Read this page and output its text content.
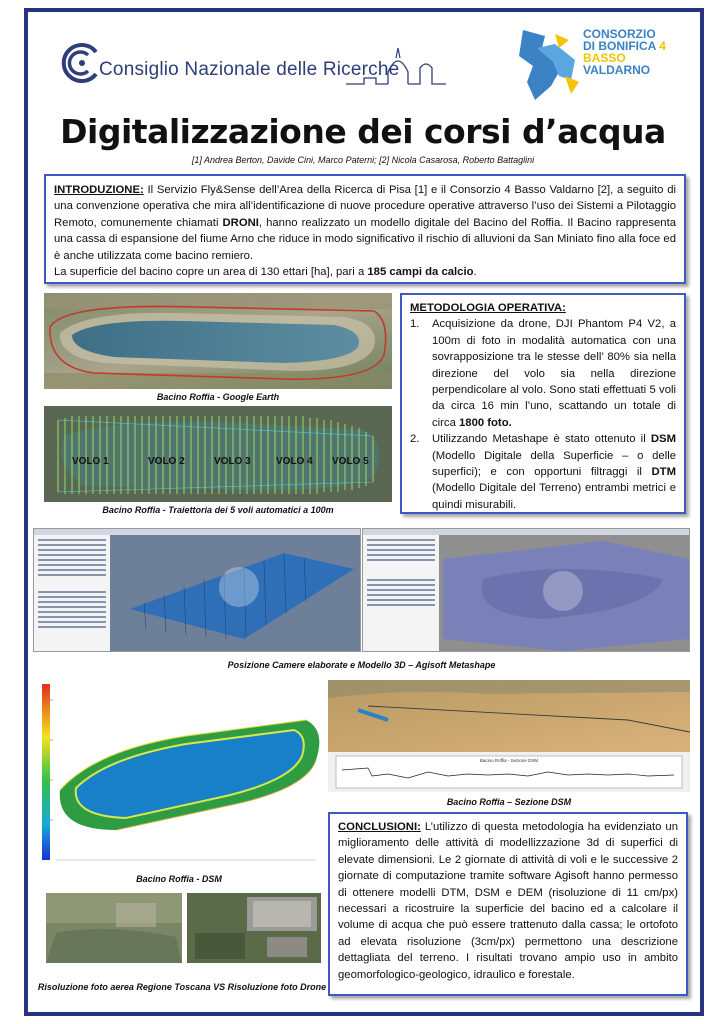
Consiglio Nazionale delle Ricerche
CONSORZIO
DI BONIFICA 4
BASSO
VALDARNO
Digitalizzazione dei corsi d’acqua
[1] Andrea Berton, Davide Cini, Marco Paterni; [2] Nicola Casarosa, Roberto Battaglini
INTRODUZIONE: Il Servizio Fly&Sense dell’Area della Ricerca di Pisa [1] e il Consorzio 4 Basso Valdarno [2], a seguito di una convenzione operativa che mira all’identificazione di nuove procedure operative attraverso l’uso dei Sistemi a Pilotaggio Remoto, comunemente chiamati DRONI, hanno realizzato un modello digitale del Bacino del Roffia. Il Bacino rappresenta una cassa di espansione del fiume Arno che riduce in modo significativo il rischio di alluvioni da San Miniato fino alla foce ed è anche utilizzata come bacino remiero.
La superficie del bacino copre un area di 130 ettari [ha], pari a 185 campi da calcio.
Bacino Roffia - Google Earth
VOLO 1	VOLO 2	VOLO 3	VOLO 4 VOLO 5
Bacino Roffia - Traiettoria dei 5 voli automatici a 100m
METODOLOGIA OPERATIVA:
1. Acquisizione da drone, DJI Phantom P4 V2, a 100m di foto in modalità automatica con una sovrapposizione tra le stesse dell’ 80% sia nella direzione del volo sia nella direzione perpendicolare al volo. Sono stati effettuati 5 voli da circa 16 min l’uno, scattando un totale di circa 1800 foto.
2. Utilizzando Metashape è stato ottenuto il DSM (Modello Digitale della Superficie – o delle superfici); e con opportuni filtraggi il DTM (Modello Digitale del Terreno) entrambi metrici e quindi misurabili.
Posizione Camere elaborate e Modello 3D – Agisoft Metashape
Bacino Roffia - DSM
Bacino Roffia - Sezione DSM
Bacino Roffia – Sezione DSM
CONCLUSIONI: L’utilizzo di questa metodologia ha evidenziato un miglioramento delle attività di modellizzazione 3d di superfici di elevate dimensioni. Le 2 giornate di attività di voli e le successive 2 giornate di computazione tramite software Agisoft hanno permesso di ottenere modelli DTM, DSM e DEM (risoluzione di 11 cm/px) necessari a ricostruire la superficie del bacino ed a calcolare il volume di acqua che può essere trattenuto dalla cassa; le ortofoto ad elevata risoluzione (3cm/px) permettono una descrizione dettagliata del terreno. I risultati trovano ampio uso in ambito geomorfologico-geologico, idraulico e forestale.
Risoluzione foto aerea Regione Toscana VS Risoluzione foto Drone
